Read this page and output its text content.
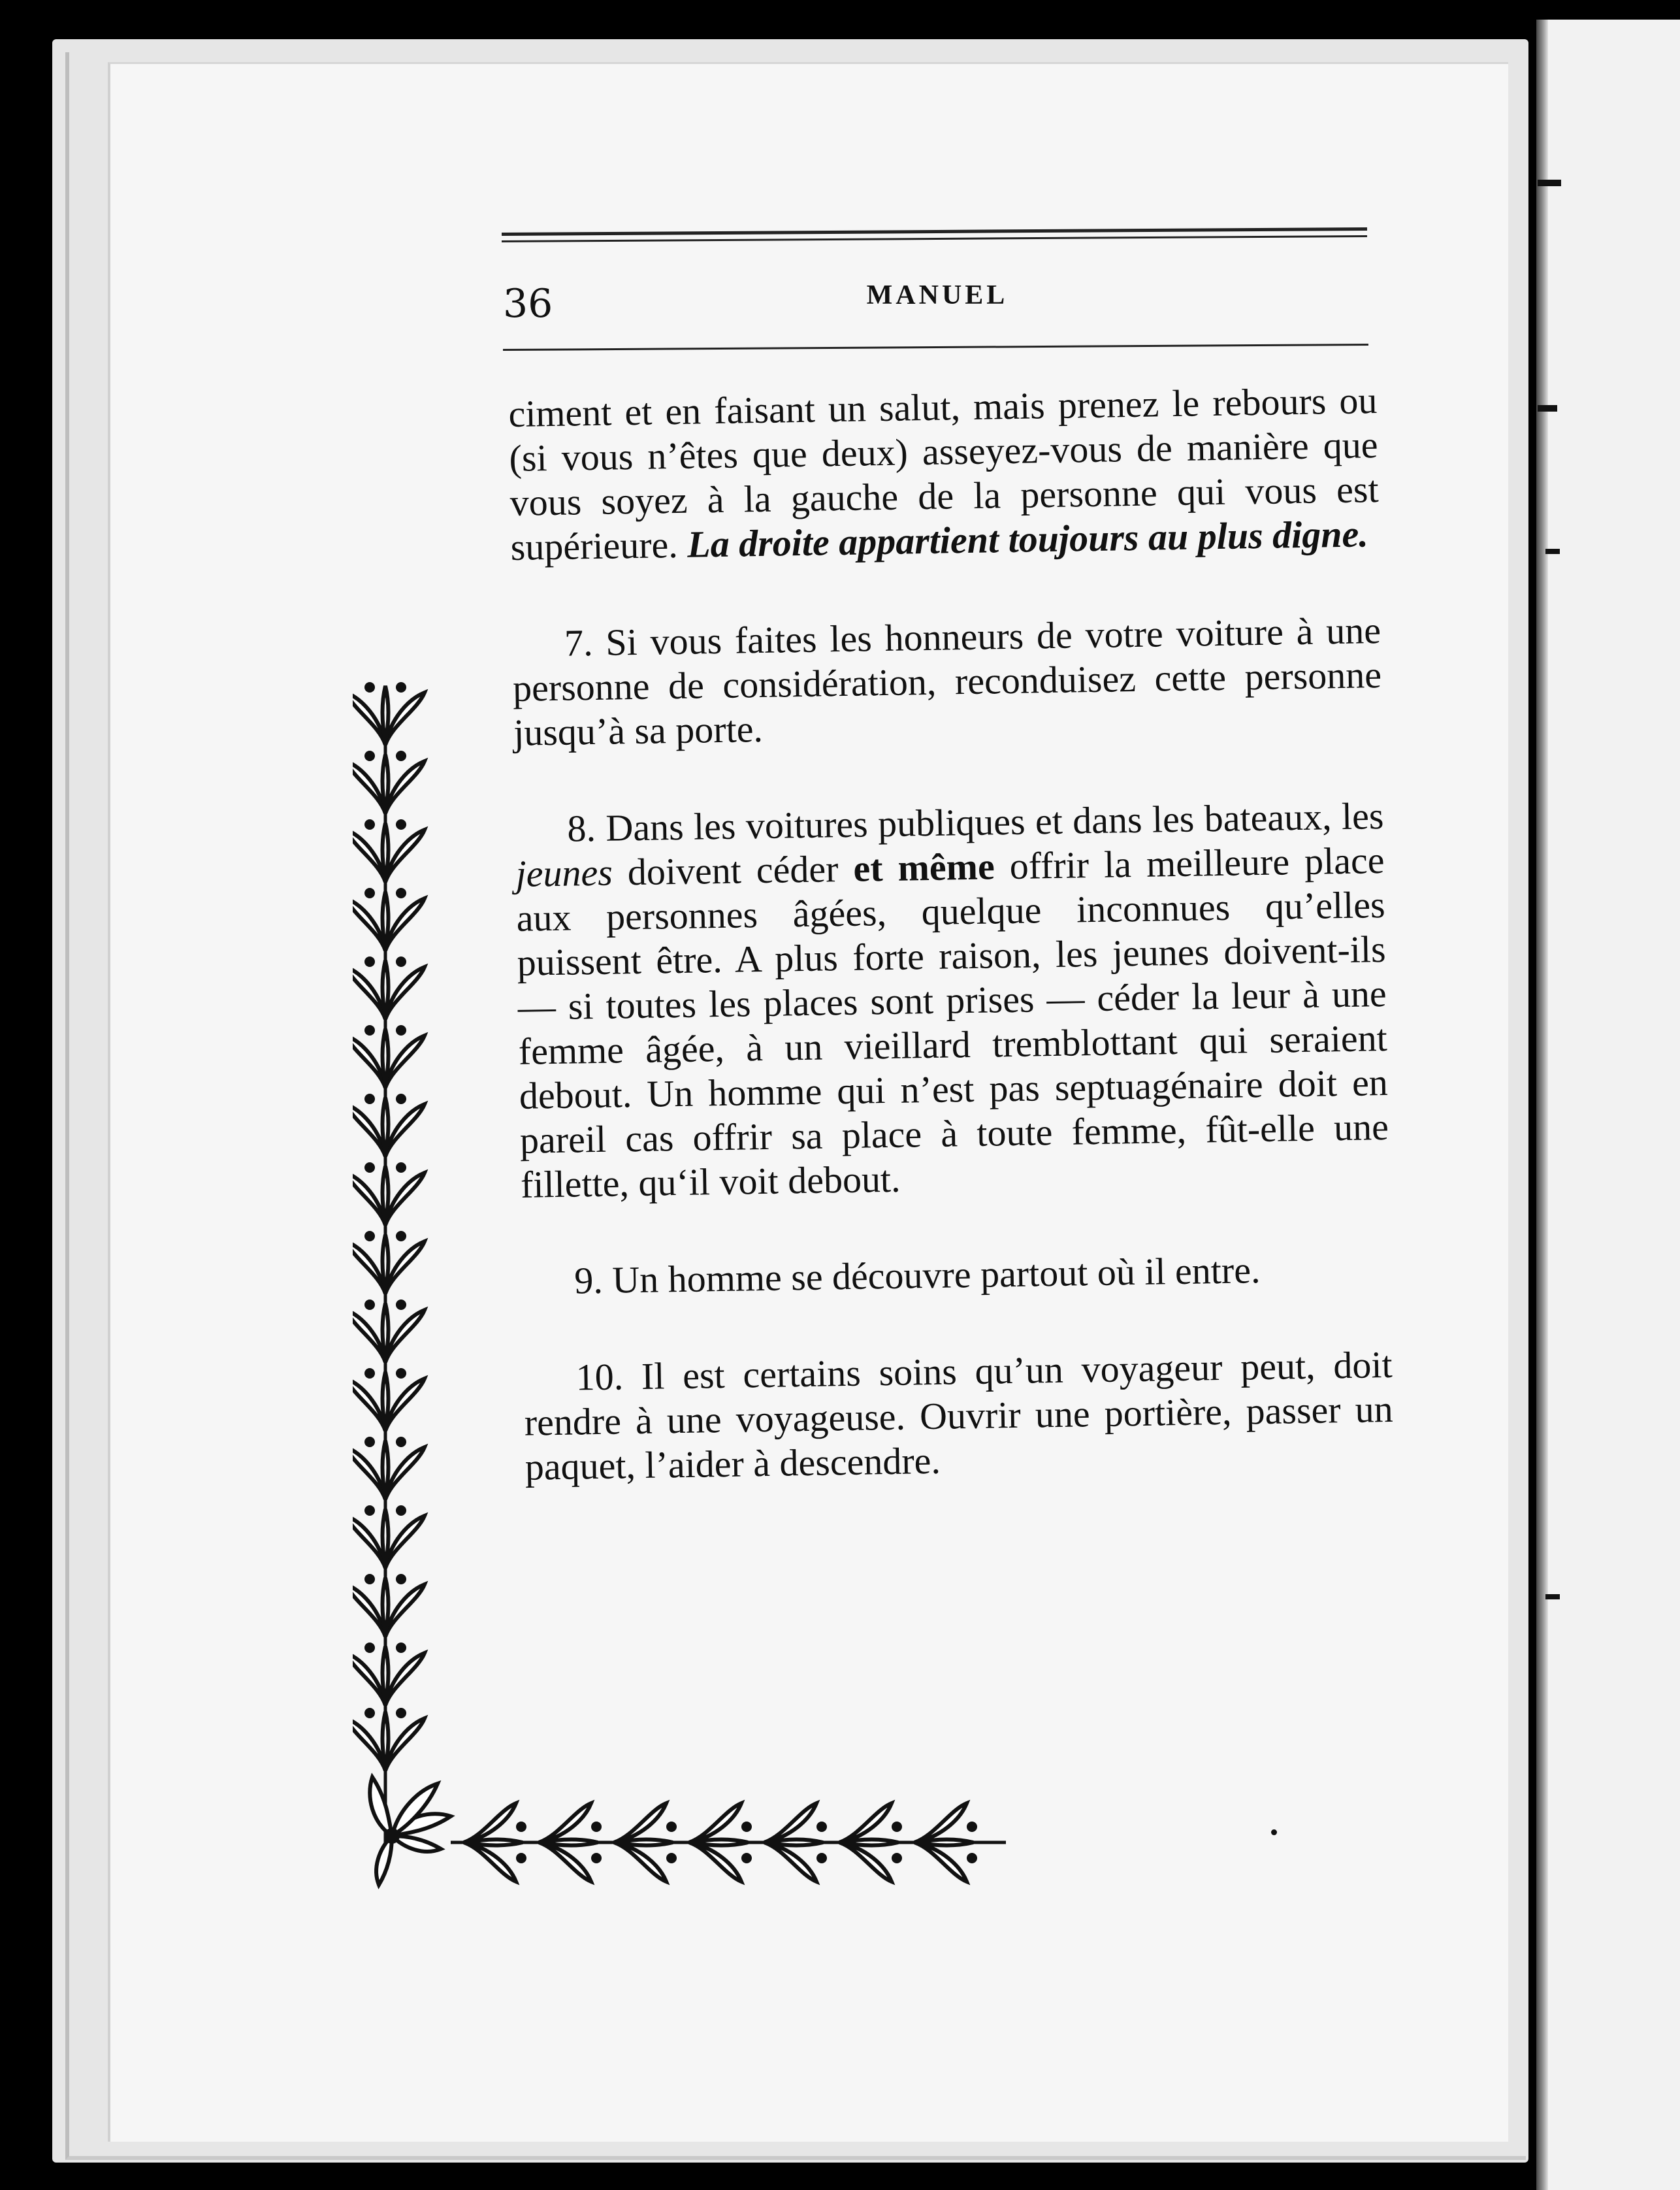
36	MANUEL

ciment et en faisant un salut, mais prenez le rebours ou (si vous n’êtes que deux) asseyez-vous de manière que vous soyez à la gauche de la personne qui vous est supérieure. La droite appartient toujours au plus digne.

7. Si vous faites les honneurs de votre voiture à une personne de considération, reconduisez cette personne jusqu’à sa porte.

8. Dans les voitures publiques et dans les bateaux, les jeunes doivent céder et même offrir la meilleure place aux personnes âgées, quelque inconnues qu’elles puissent être. A plus forte raison, les jeunes doivent-ils — si toutes les places sont prises — céder la leur à une femme âgée, à un vieillard tremblottant qui seraient debout. Un homme qui n’est pas septuagénaire doit en pareil cas offrir sa place à toute femme, fût-elle une fillette, qu‘il voit debout.

9. Un homme se découvre partout où il entre.

10. Il est certains soins qu’un voyageur peut, doit rendre à une voyageuse. Ouvrir une portière, passer un paquet, l’aider à descendre.
